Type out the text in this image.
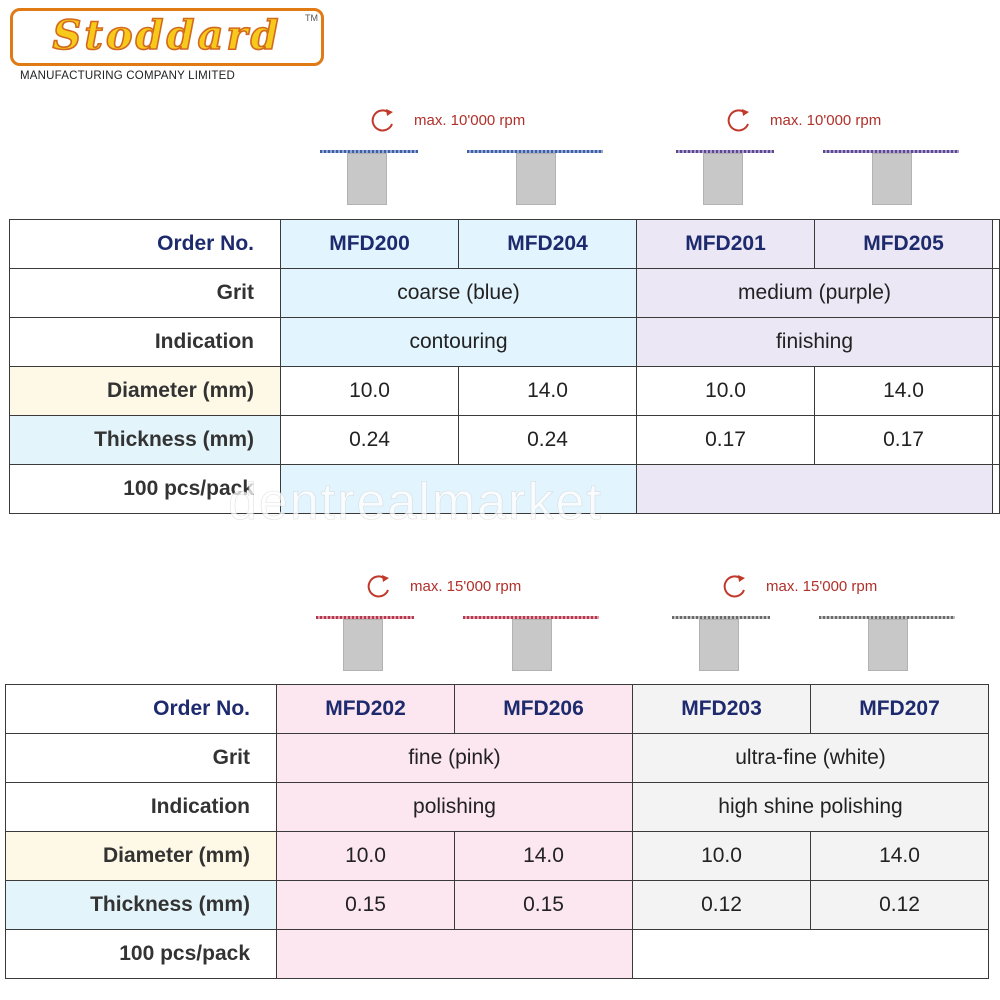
Stoddard	TM
MANUFACTURING COMPANY LIMITED
max. 10'000 rpm	max. 10'000 rpm
Order No.	MFD200	MFD204	MFD201	MFD205	
Grit	coarse (blue)		medium (purple)		
Indication	contouring		finishing		
Diameter (mm)	10.0	14.0	10.0	14.0	
Thickness (mm)	0.24	0.24	0.17	0.17	
100 pcs/pack					
dentrealmarket
max. 15'000 rpm	max. 15'000 rpm
Order No.	MFD202	MFD206	MFD203	MFD207
Grit	fine (pink)		ultra-fine (white)	
Indication	polishing		high shine polishing	
Diameter (mm)	10.0	14.0	10.0	14.0
Thickness (mm)	0.15	0.15	0.12	0.12
100 pcs/pack				
